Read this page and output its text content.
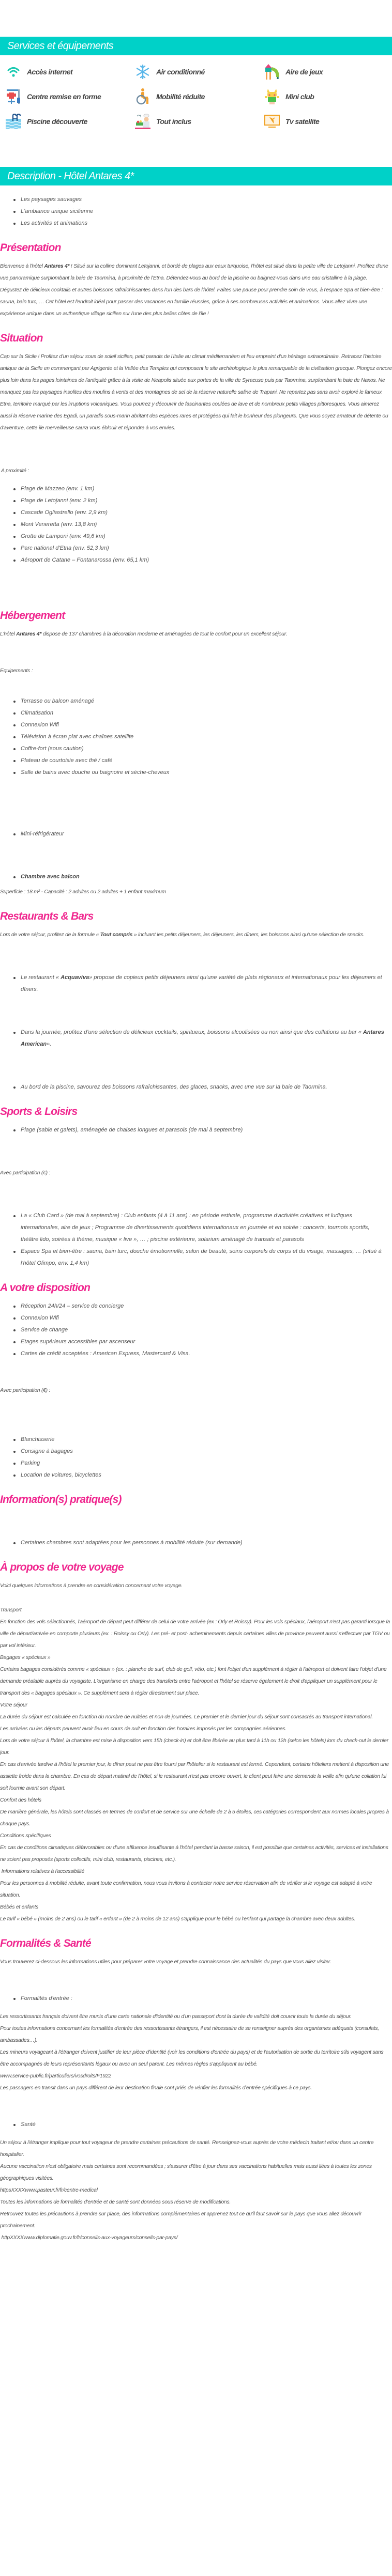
Services et équipements
Accès internet	Air conditionné	Aire de jeux
Centre remise en forme	Mobilité réduite	Mini club
Piscine découverte	Tout inclus	Tv satellite
Description - Hôtel Antares 4*
Les paysages sauvages
L'ambiance unique sicilienne
Les activités et animations
Présentation

Bienvenue à l'hôtel Antares 4* ! Situé sur la colline dominant Letojanni, et bordé de plages aux eaux turquoise, l'hôtel est situé dans la petite ville de Letojanni. Profitez d'une vue panoramique surplombant la baie de Taormina, à proximité de l'Etna. Détendez-vous au bord de la piscine ou baignez-vous dans une eau cristalline à la plage. Dégustez de délicieux cocktails et autres boissons rafraîchissantes dans l'un des bars de l'hôtel. Faîtes une pause pour prendre soin de vous, à l'espace Spa et bien-être : sauna, bain turc, … Cet hôtel est l'endroit idéal pour passer des vacances en famille réussies, grâce à ses nombreuses activités et animations. Vous allez vivre une expérience unique dans un authentique village sicilien sur l'une des plus belles côtes de l'île !

Situation

Cap sur la Sicile ! Profitez d'un séjour sous de soleil sicilien, petit paradis de l'Italie au climat méditerranéen et lieu empreint d'un héritage extraordinaire. Retracez l'histoire antique de la Sicile en commençant par Agrigente et la Vallée des Temples qui composent le site archéologique le plus remarquable de la civilisation grecque. Plongez encore plus loin dans les pages lointaines de l'antiquité grâce à la visite de Neapolis située aux portes de la ville de Syracuse puis par Taormina, surplombant la baie de Naxos. Ne manquez pas les paysages insolites des moulins à vents et des montagnes de sel de la réserve naturelle saline de Trapani. Ne repartez pas sans avoir exploré le fameux Etna, territoire marqué par les irruptions volcaniques. Vous pourrez y découvrir de fascinantes coulées de lave et de nombreux petits villages pittoresques. Vous aimerez aussi la réserve marine des Egadi, un paradis sous-marin abritant des espèces rares et protégées qui fait le bonheur des plongeurs. Que vous soyez amateur de détente ou d'aventure, cette île merveilleuse saura vous éblouir et répondre à vos envies.

A proximité :

Plage de Mazzeo (env. 1 km)
Plage de Letojanni (env. 2 km)
Cascade Ogliastrello (env. 2,9 km)
Mont Veneretta (env. 13,8 km)
Grotte de Lamponi (env. 49,6 km)
Parc national d'Etna (env. 52,3 km)
Aéroport de Catane – Fontanarossa (env. 65,1 km)
Hébergement

L'hôtel Antares 4* dispose de 137 chambres à la décoration moderne et aménagées de tout le confort pour un excellent séjour.

Equipements :

Terrasse ou balcon aménagé
Climatisation
Connexion Wifi
Télévision à écran plat avec chaînes satellite
Coffre-fort (sous caution)
Plateau de courtoisie avec thé / café
Salle de bains avec douche ou baignoire et sèche-cheveux
Mini-réfrigérateur
Chambre avec balcon

Superficie : 18 m² - Capacité : 2 adultes ou 2 adultes + 1 enfant maximum

Restaurants & Bars

Lors de votre séjour, profitez de la formule « Tout compris » incluant les petits déjeuners, les déjeuners, les dîners, les boissons ainsi qu'une sélection de snacks.

Le restaurant « Acquaviva» propose de copieux petits déjeuners ainsi qu'une variété de plats régionaux et internationaux pour les déjeuners et dîners.
Dans la journée, profitez d'une sélection de délicieux cocktails, spiritueux, boissons alcoolisées ou non ainsi que des collations au bar « Antares American».
Au bord de la piscine, savourez des boissons rafraîchissantes, des glaces, snacks, avec une vue sur la baie de Taormina.
Sports & Loisirs
Plage (sable et galets), aménagée de chaises longues et parasols (de mai à septembre)

Avec participation (€) :

La « Club Card » (de mai à septembre) : Club enfants (4 à 11 ans) : en période estivale, programme d'activités créatives et ludiques internationales, aire de jeux ; Programme de divertissements quotidiens internationaux en journée et en soirée : concerts, tournois sportifs, théâtre lido, soirées à thème, musique « live », … ; piscine extérieure, solarium aménagé de transats et parasols
Espace Spa et bien-être : sauna, bain turc, douche émotionnelle, salon de beauté, soins corporels du corps et du visage, massages, … (situé à l'hôtel Olimpo, env. 1,4 km)
A votre disposition
Réception 24h/24 – service de concierge
Connexion Wifi
Service de change
Etages supérieurs accessibles par ascenseur
Cartes de crédit acceptées : American Express, Mastercard & Visa.

Avec participation (€) :

Blanchisserie
Consigne à bagages
Parking
Location de voitures, bicyclettes
Information(s) pratique(s)
Certaines chambres sont adaptées pour les personnes à mobilité réduite (sur demande)
À propos de votre voyage

Voici quelques informations à prendre en considération concernant votre voyage.

Transport

En fonction des vols sélectionnés, l'aéroport de départ peut différer de celui de votre arrivée (ex : Orly et Roissy). Pour les vols spéciaux, l'aéroport n'est pas garanti lorsque la ville de départ/arrivée en comporte plusieurs (ex. : Roissy ou Orly). Les pré- et post- acheminements depuis certaines villes de province peuvent aussi s'effectuer par TGV ou par vol intérieur.

Bagages « spéciaux »

Certains bagages considérés comme « spéciaux » (ex. : planche de surf, club de golf, vélo, etc.) font l'objet d'un supplément à régler à l'aéroport et doivent faire l'objet d'une demande préalable auprès du voyagiste. L'organisme en charge des transferts entre l'aéroport et l'hôtel se réserve également le droit d'appliquer un supplément pour le transport des « bagages spéciaux ». Ce supplément sera à régler directement sur place.

Votre séjour

La durée du séjour est calculée en fonction du nombre de nuitées et non de journées. Le premier et le dernier jour du séjour sont consacrés au transport international.

Les arrivées ou les départs peuvent avoir lieu en cours de nuit en fonction des horaires imposés par les compagnies aériennes.

Lors de votre séjour à l'hôtel, la chambre est mise à disposition vers 15h (check-in) et doit être libérée au plus tard à 11h ou 12h (selon les hôtels) lors du check-out le dernier jour.

En cas d'arrivée tardive à l'hôtel le premier jour, le dîner peut ne pas être fourni par l'hôtelier si le restaurant est fermé. Cependant, certains hôteliers mettent à disposition une assiette froide dans la chambre. En cas de départ matinal de l'hôtel, si le restaurant n'est pas encore ouvert, le client peut faire une demande la veille afin qu'une collation lui soit fournie avant son départ.

Confort des hôtels

De manière générale, les hôtels sont classés en termes de confort et de service sur une échelle de 2 à 5 étoiles, ces catégories correspondent aux normes locales propres à chaque pays.

Conditions spécifiques

En cas de conditions climatiques défavorables ou d'une affluence insuffisante à l'hôtel pendant la basse saison, il est possible que certaines activités, services et installations ne soient pas proposés (sports collectifs, mini club, restaurants, piscines, etc.).

Informations relatives à l'accessibilité

Pour les personnes à mobilité réduite, avant toute confirmation, nous vous invitons à contacter notre service réservation afin de vérifier si le voyage est adapté à votre situation.

Bébés et enfants

Le tarif « bébé » (moins de 2 ans) ou le tarif « enfant » (de 2 à moins de 12 ans) s'applique pour le bébé ou l'enfant qui partage la chambre avec deux adultes.

Formalités & Santé

Vous trouverez ci-dessous les informations utiles pour préparer votre voyage et prendre connaissance des actualités du pays que vous allez visiter.

Formalités d'entrée :

Les ressortissants français doivent être munis d'une carte nationale d'identité ou d'un passeport dont la durée de validité doit couvrir toute la durée du séjour.

Pour toutes informations concernant les formalités d'entrée des ressortissants étrangers, il est nécessaire de se renseigner auprès des organismes adéquats (consulats, ambassades…).

Les mineurs voyageant à l'étranger doivent justifier de leur pièce d'identité (voir les conditions d'entrée du pays) et de l'autorisation de sortie du territoire s'ils voyagent sans être accompagnés de leurs représentants légaux ou avec un seul parent. Les mêmes règles s'appliquent au bébé.

www.service-public.fr/particuliers/vosdroits/F1922

Les passagers en transit dans un pays différent de leur destination finale sont priés de vérifier les formalités d'entrée spécifiques à ce pays.

Santé

Un séjour à l'étranger implique pour tout voyageur de prendre certaines précautions de santé. Renseignez-vous auprès de votre médecin traitant et/ou dans un centre hospitalier.

Aucune vaccination n'est obligatoire mais certaines sont recommandées ; s'assurer d'être à jour dans ses vaccinations habituelles mais aussi liées à toutes les zones géographiques visitées.

httpsXXXXwww.pasteur.fr/fr/centre-medical

Toutes les informations de formalités d'entrée et de santé sont données sous réserve de modifications.

Retrouvez toutes les précautions à prendre sur place, des informations complémentaires et apprenez tout ce qu'il faut savoir sur le pays que vous allez découvrir prochainement.

httpXXXXwww.diplomatie.gouv.fr/fr/conseils-aux-voyageurs/conseils-par-pays/
